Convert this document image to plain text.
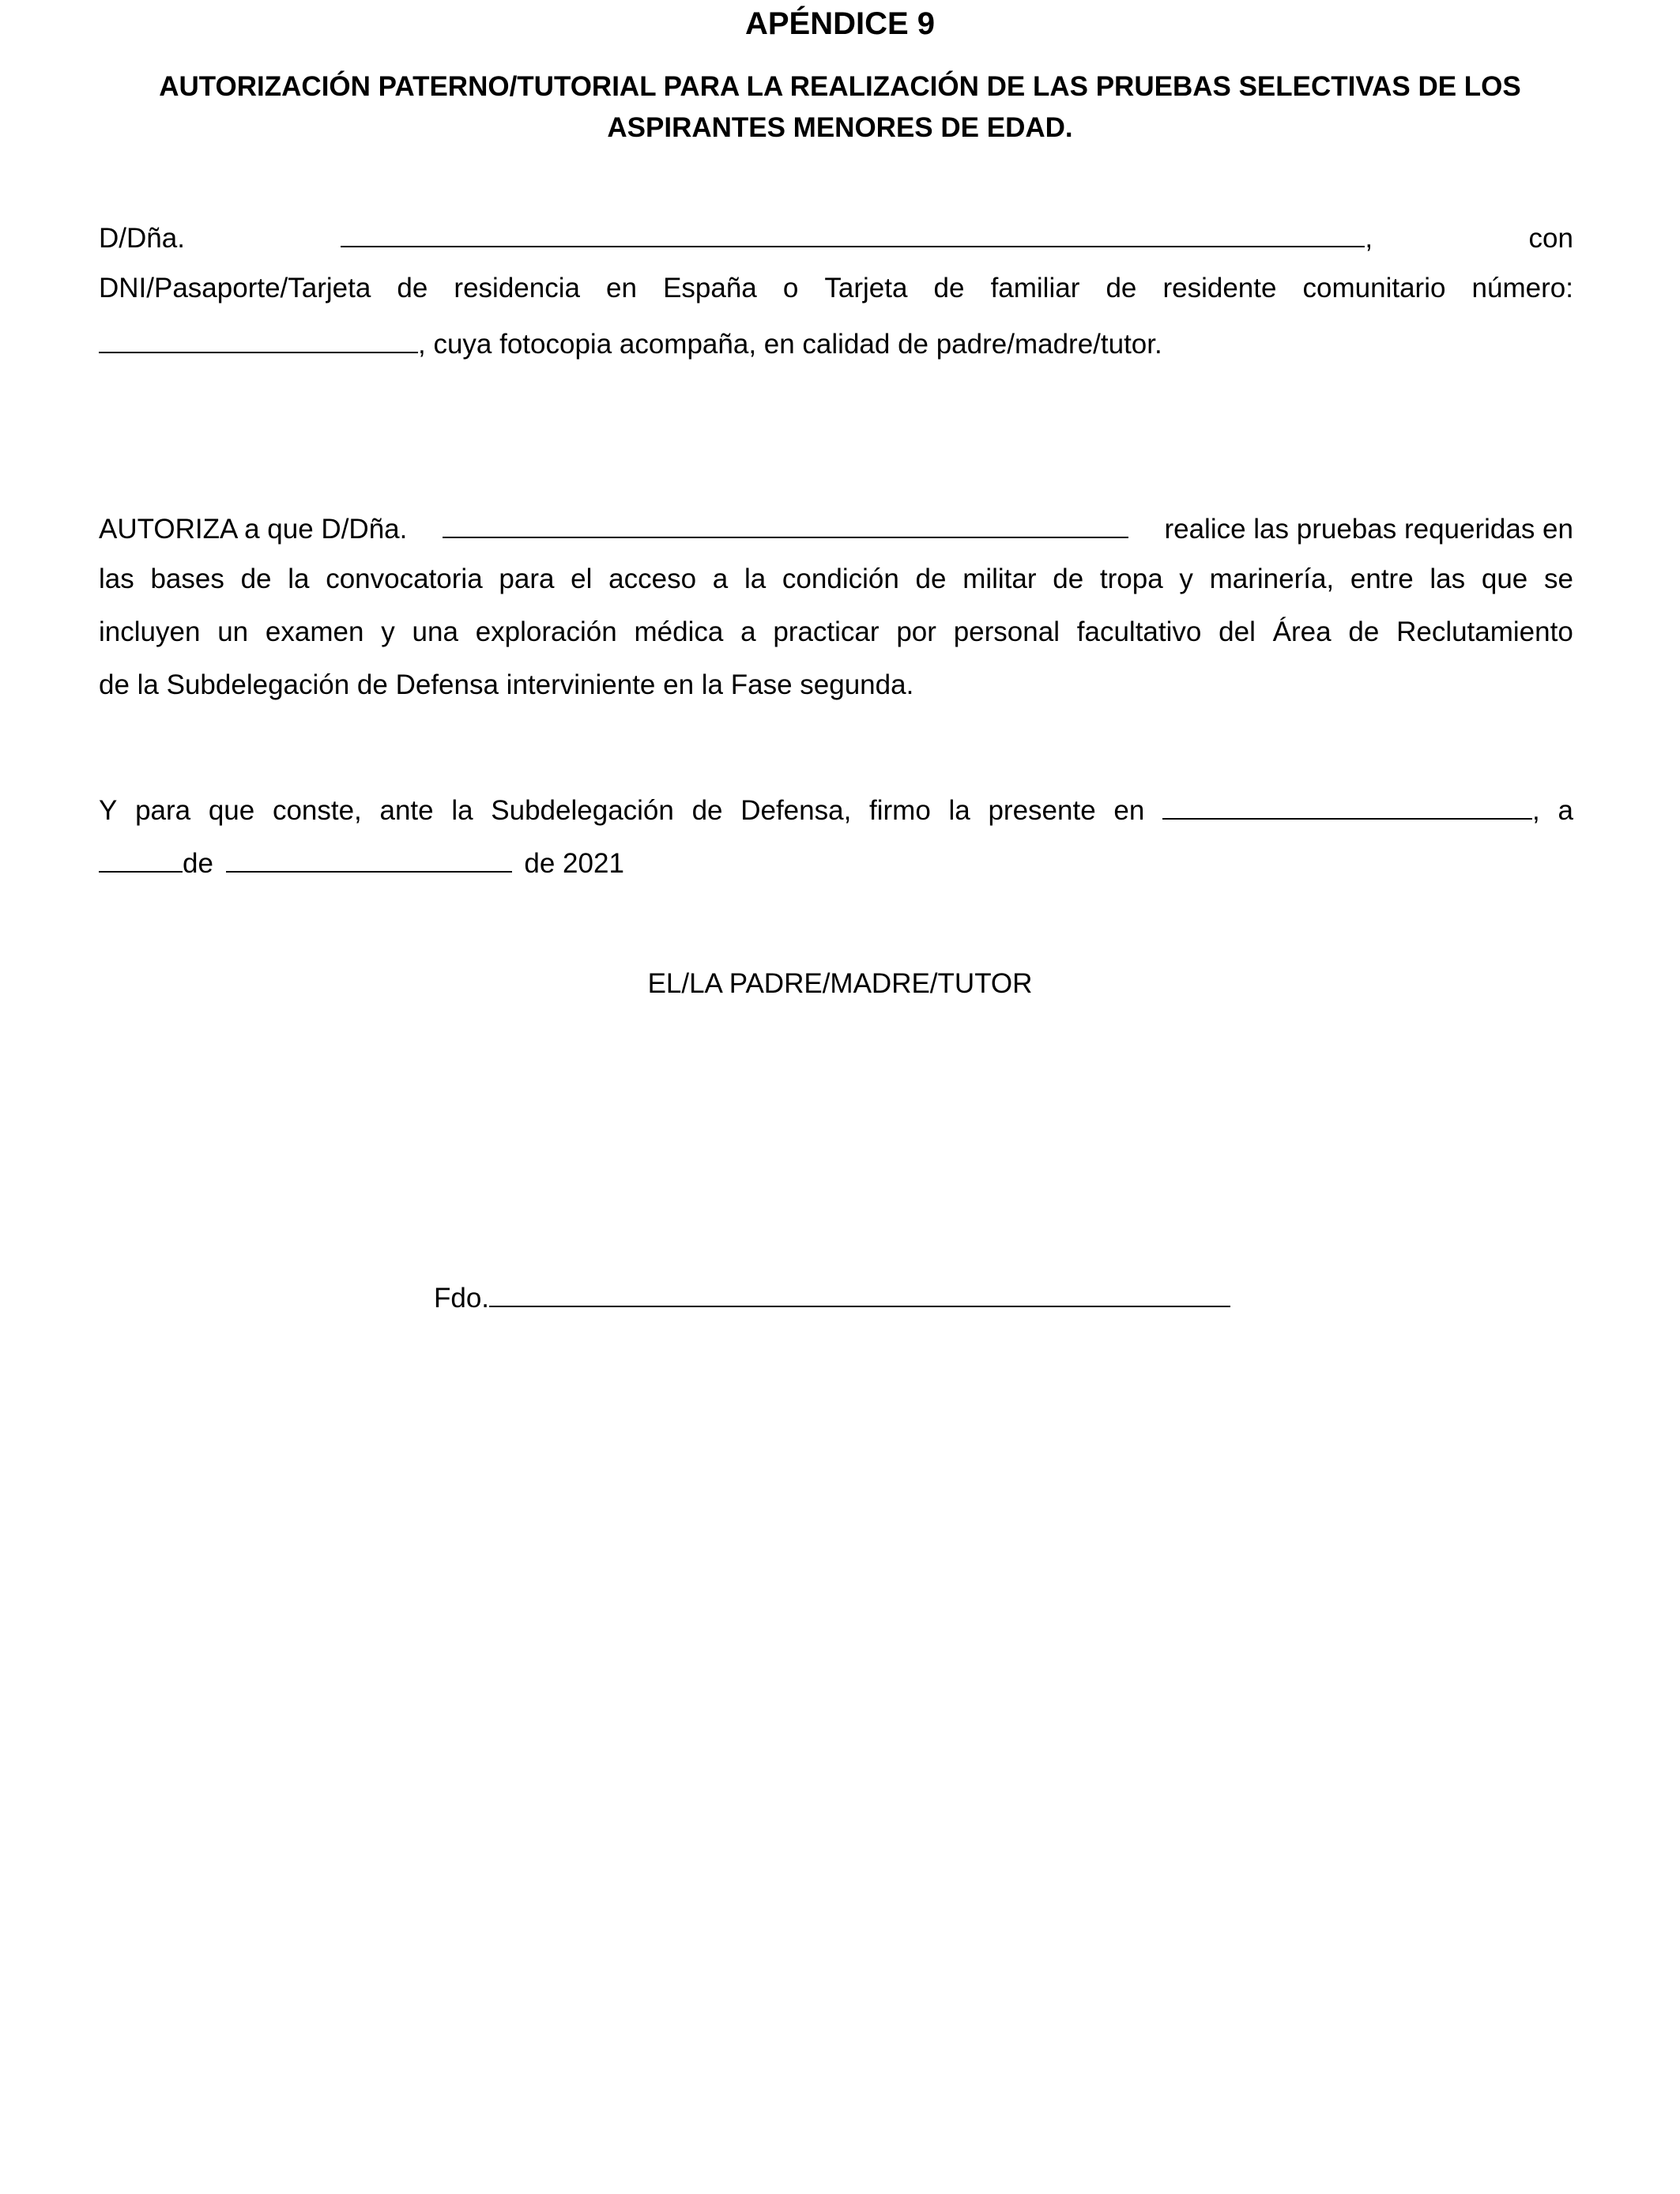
APÉNDICE 9
AUTORIZACIÓN PATERNO/TUTORIAL PARA LA REALIZACIÓN DE LAS PRUEBAS SELECTIVAS DE LOS ASPIRANTES MENORES DE EDAD.
D/Dña.	,	con
DNI/Pasaporte/Tarjeta de residencia en España o Tarjeta de familiar de residente comunitario número:
, cuya fotocopia acompaña, en calidad de padre/madre/tutor.
AUTORIZA a que D/Dña.	realice las pruebas requeridas en
las bases de la convocatoria para el acceso a la condición de militar de tropa y marinería, entre las que se
incluyen un examen y una exploración médica a practicar por personal facultativo del Área de Reclutamiento
de la Subdelegación de Defensa interviniente en la Fase segunda.
Y para que conste, ante la Subdelegación de Defensa, firmo la presente en	, a
de	de 2021
EL/LA PADRE/MADRE/TUTOR
Fdo.
